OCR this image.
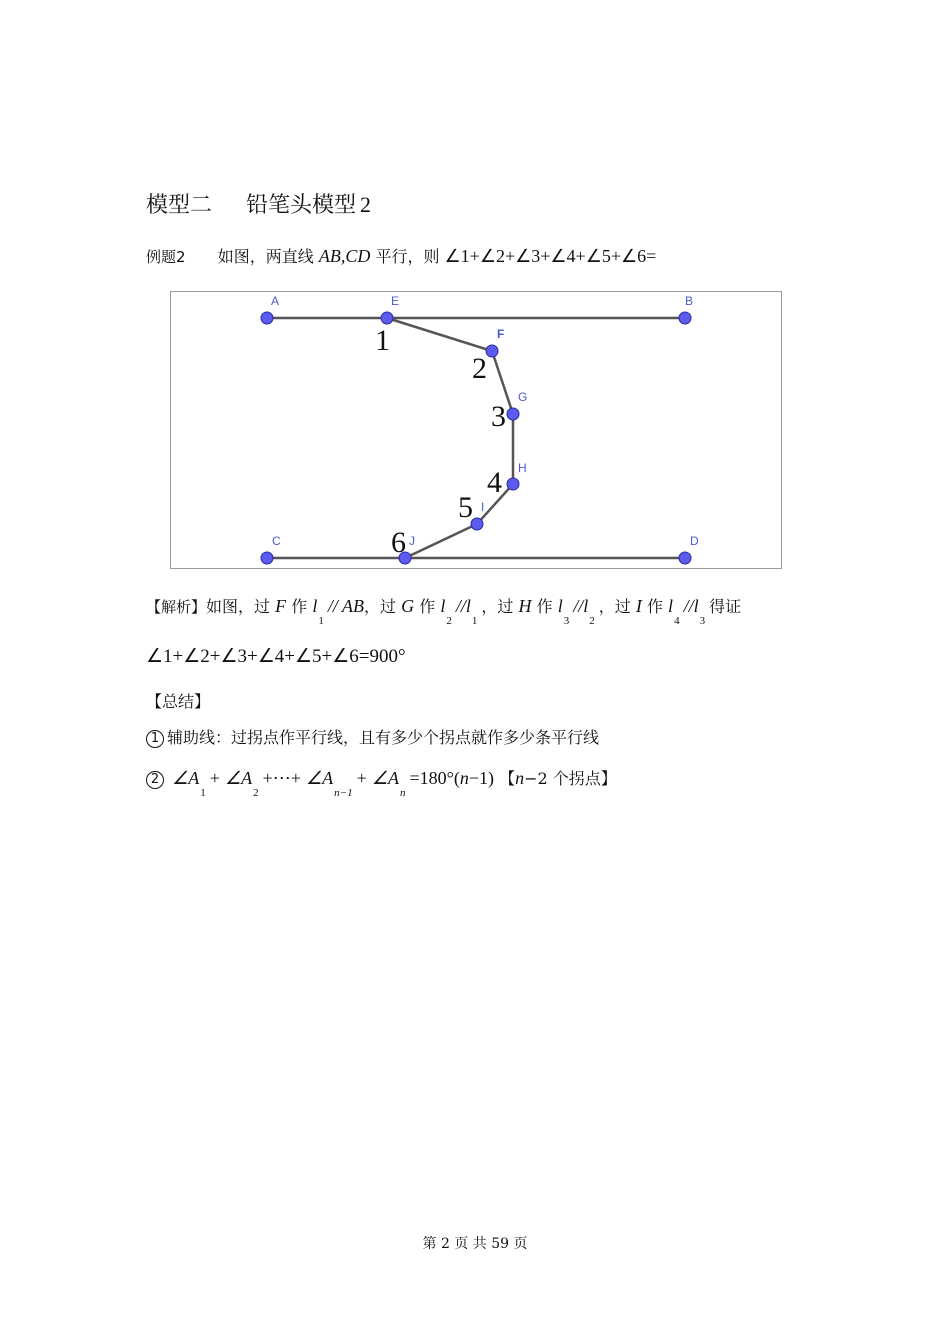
模型二 铅笔头模型 2
例题2 如图，两直线 AB,CD 平行，则 ∠1+∠2+∠3+∠4+∠5+∠6=
A	B
C	D
E
F
G
H
I
J
1
2
3
4
5
6
【解析】如图，过 F 作 l1// AB，过 G 作 l2//l1，过 H 作 l3//l2，过 I 作 l4//l3得证
∠1+∠2+∠3+∠4+∠5+∠6=900°
【总结】
1 辅助线：过拐点作平行线，且有多少个拐点就作多少条平行线
2 ∠A1+ ∠A2+⋯+ ∠An−1+ ∠An=180°(n−1) 【n−2 个拐点】
第 2 页 共 59 页
